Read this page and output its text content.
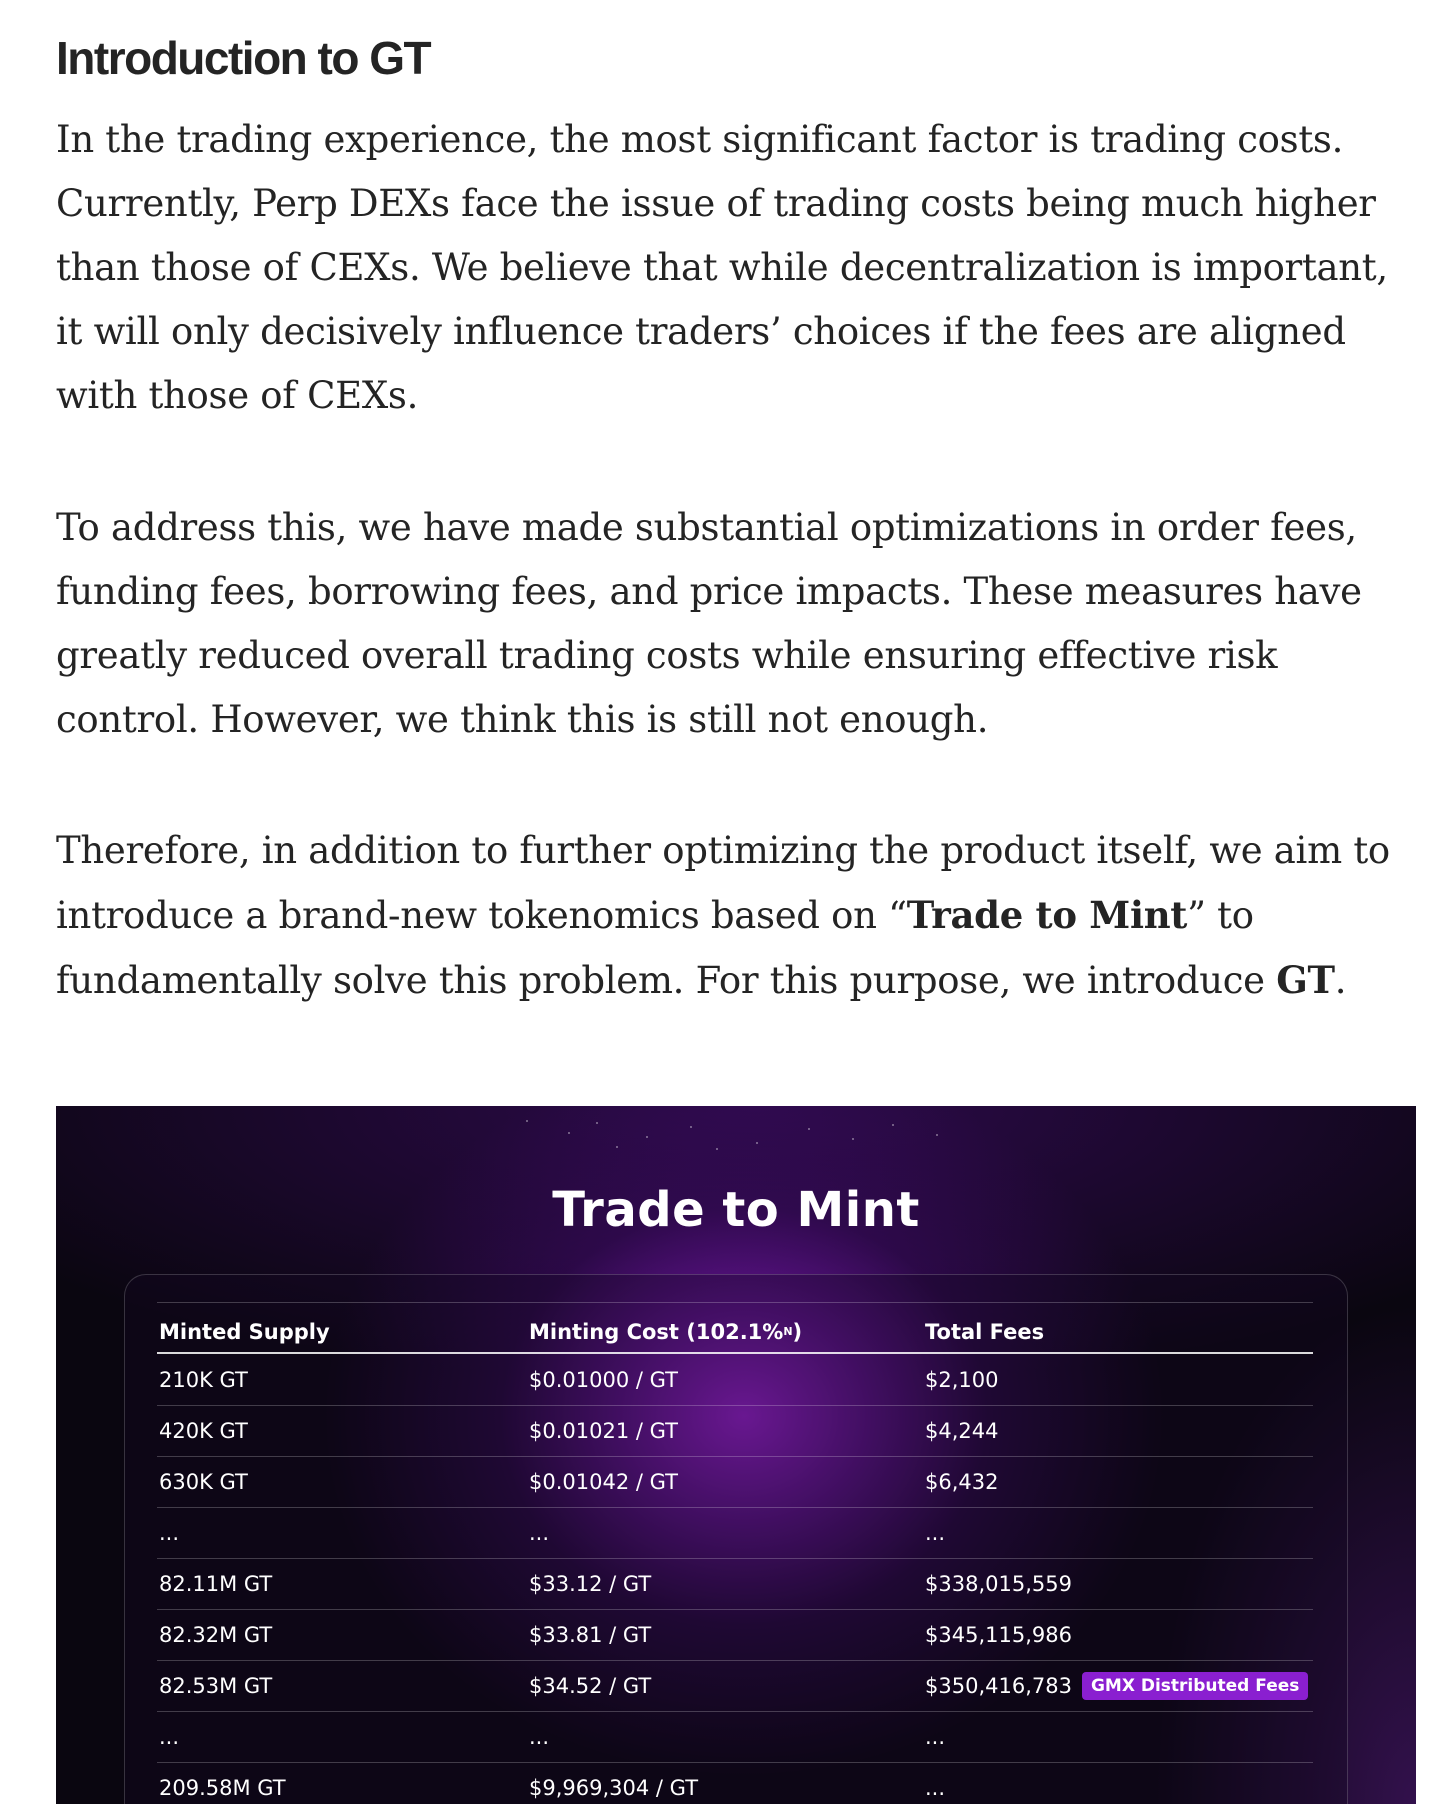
Introduction to GT

In the trading experience, the most significant factor is trading costs. Currently, Perp DEXs face the issue of trading costs being much higher than those of CEXs. We believe that while decentralization is important, it will only decisively influence traders’ choices if the fees are aligned with those of CEXs.

To address this, we have made substantial optimizations in order fees, funding fees, borrowing fees, and price impacts. These measures have greatly reduced overall trading costs while ensuring effective risk control. However, we think this is still not enough.

Therefore, in addition to further optimizing the product itself, we aim to introduce a brand-new tokenomics based on “Trade to Mint” to fundamentally solve this problem. For this purpose, we introduce GT.

Trade to Mint
Minted Supply	Minting Cost (102.1% N )	Total Fees
210K GT	$0.01000 / GT	$2,100
420K GT	$0.01021 / GT	$4,244
630K GT	$0.01042 / GT	$6,432
...	...	...
82.11M GT	$33.12 / GT	$338,015,559
82.32M GT	$33.81 / GT	$345,115,986
82.53M GT	$34.52 / GT	$350,416,783	GMX Distributed Fees
...	...	...
209.58M GT	$9,969,304 / GT	...
